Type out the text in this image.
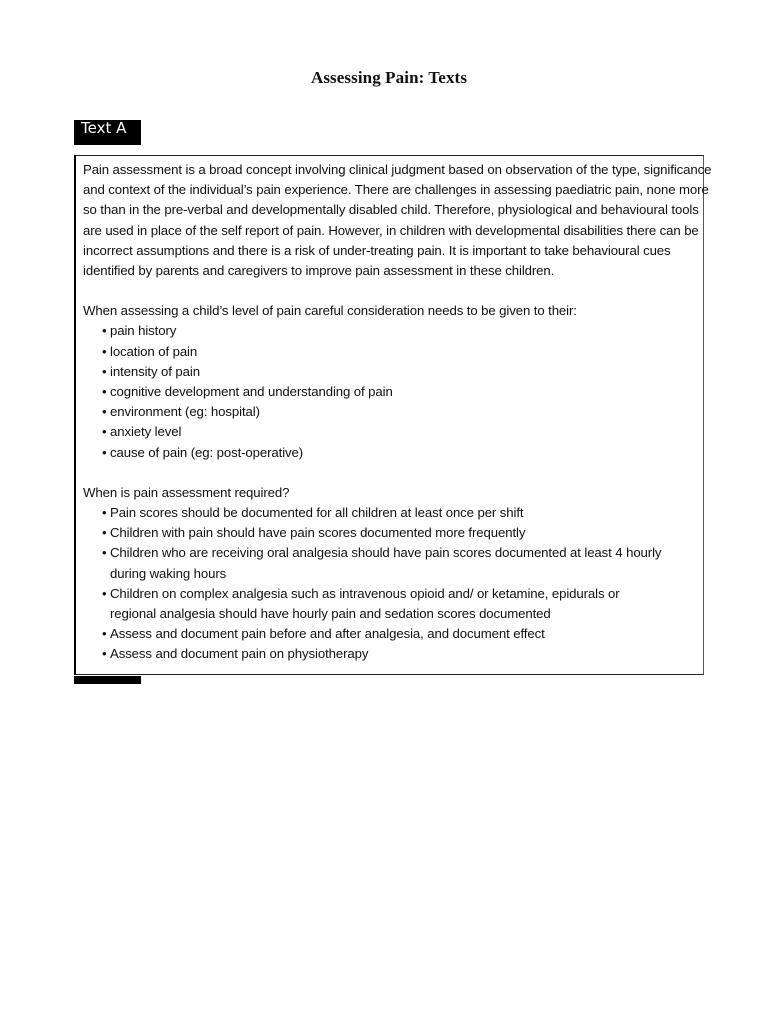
Assessing Pain: Texts
Text A

Pain assessment is a broad concept involving clinical judgment based on observation of the type, significance

and context of the individual’s pain experience. There are challenges in assessing paediatric pain, none more

so than in the pre-verbal and developmentally disabled child. Therefore, physiological and behavioural tools

are used in place of the self report of pain. However, in children with developmental disabilities there can be

incorrect assumptions and there is a risk of under-treating pain. It is important to take behavioural cues

identified by parents and caregivers to improve pain assessment in these children.

When assessing a child’s level of pain careful consideration needs to be given to their:

• pain history
• location of pain
• intensity of pain
• cognitive development and understanding of pain
• environment (eg: hospital)
• anxiety level
• cause of pain (eg: post-operative)

When is pain assessment required?

• Pain scores should be documented for all children at least once per shift
• Children with pain should have pain scores documented more frequently
• Children who are receiving oral analgesia should have pain scores documented at least 4 hourly
during waking hours
• Children on complex analgesia such as intravenous opioid and/ or ketamine, epidurals or
regional analgesia should have hourly pain and sedation scores documented
• Assess and document pain before and after analgesia, and document effect
• Assess and document pain on physiotherapy
